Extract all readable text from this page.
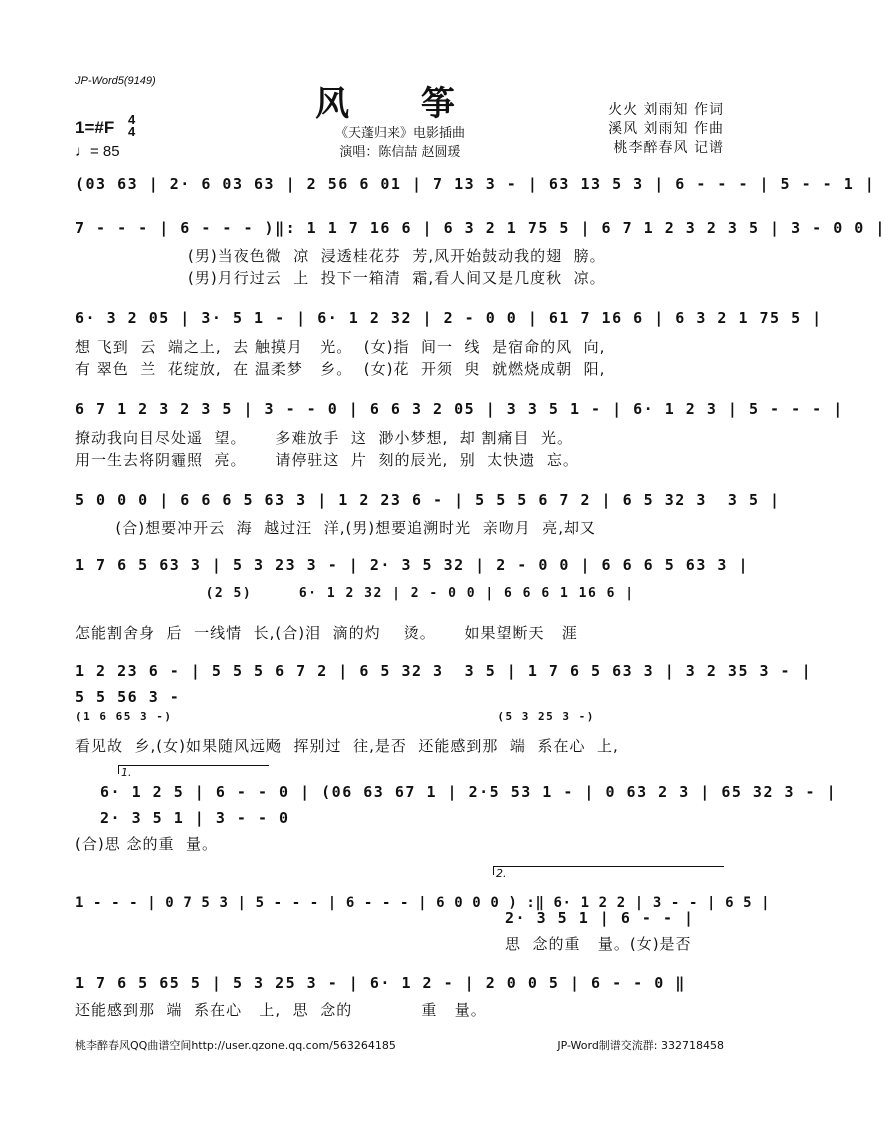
JP-Word5(9149)
风 筝
《天蓬归来》电影插曲
演唱：陈信喆 赵圆瑗
火火 刘雨知 作词
溪风 刘雨知 作曲
桃李醉春风 记谱
1=#F 4
4
♩= 85
(03 63 | 2· 6 03 63 | 2 56 6 01 | 7 13 3 - | 63 13 5 3 | 6 - - - | 5 - - 1 |
7 - - - | 6 - - - )‖: 1 1 7 16 6 | 6 3 2 1 75 5 | 6 7 1 2 3 2 3 5 | 3 - 0 0 |
(男)当夜色微  凉  浸透桂花芬  芳,风开始鼓动我的翅  膀。
(男)月行过云  上  投下一箱清  霜,看人间又是几度秋  凉。
6· 3 2 05 | 3· 5 1 - | 6· 1 2 32 | 2 - 0 0 | 61 7 16 6 | 6 3 2 1 75 5 |
想 飞到  云  端之上,  去 触摸月   光。  (女)指  间一  线  是宿命的风  向,
有 翠色  兰  花绽放,  在 温柔梦   乡。  (女)花  开须  臾  就燃烧成朝  阳,
6 7 1 2 3 2 3 5 | 3 - - 0 | 6 6 3 2 05 | 3 3 5 1 - | 6· 1 2 3 | 5 - - - |
撩动我向目尽处遥  望。     多难放手  这  渺小梦想,  却 割痛目  光。
用一生去将阴霾照  亮。     请停驻这  片  刻的辰光,  别  太快遗  忘。
5 0 0 0 | 6 6 6 5 63 3 | 1 2 23 6 - | 5 5 5 6 7 2 | 6 5 32 3  3 5 |
(合)想要冲开云  海  越过汪  洋,(男)想要追溯时光  亲吻月  亮,却又
1 7 6 5 63 3 | 5 3 23 3 - | 2· 3 5 32 | 2 - 0 0 | 6 6 6 5 63 3 |
(2 5)     6· 1 2 32 | 2 - 0 0 | 6 6 6 1 16 6 |
怎能割舍身  后  一线情  长,(合)泪  滴的灼    烫。     如果望断天   涯
1 2 23 6 - | 5 5 5 6 7 2 | 6 5 32 3  3 5 | 1 7 6 5 63 3 | 3 2 35 3 - |
5 5 56 3 -
(1 6 65 3 -)                                        (5 3 25 3 -)
看见故  乡,(女)如果随风远飏  挥别过  往,是否  还能感到那  端  系在心  上,
1.
6· 1 2 5 | 6 - - 0 | (06 63 67 1 | 2·5 53 1 - | 0 63 2 3 | 65 32 3 - |
2· 3 5 1 | 3 - - 0
(合)思 念的重  量。
2.
1 - - - | 0 7 5 3 | 5 - - - | 6 - - - | 6 0 0 0 ) :‖ 6· 1 2 2 | 3 - - | 6 5 |
2· 3 5 1 | 6 - - |
思  念的重   量。(女)是否
1 7 6 5 65 5 | 5 3 25 3 - | 6· 1 2 - | 2 0 0 5 | 6 - - 0 ‖
还能感到那  端  系在心   上,  思  念的            重   量。
桃李醉春风QQ曲谱空间http://user.qzone.qq.com/563264185	JP-Word制谱交流群: 332718458
